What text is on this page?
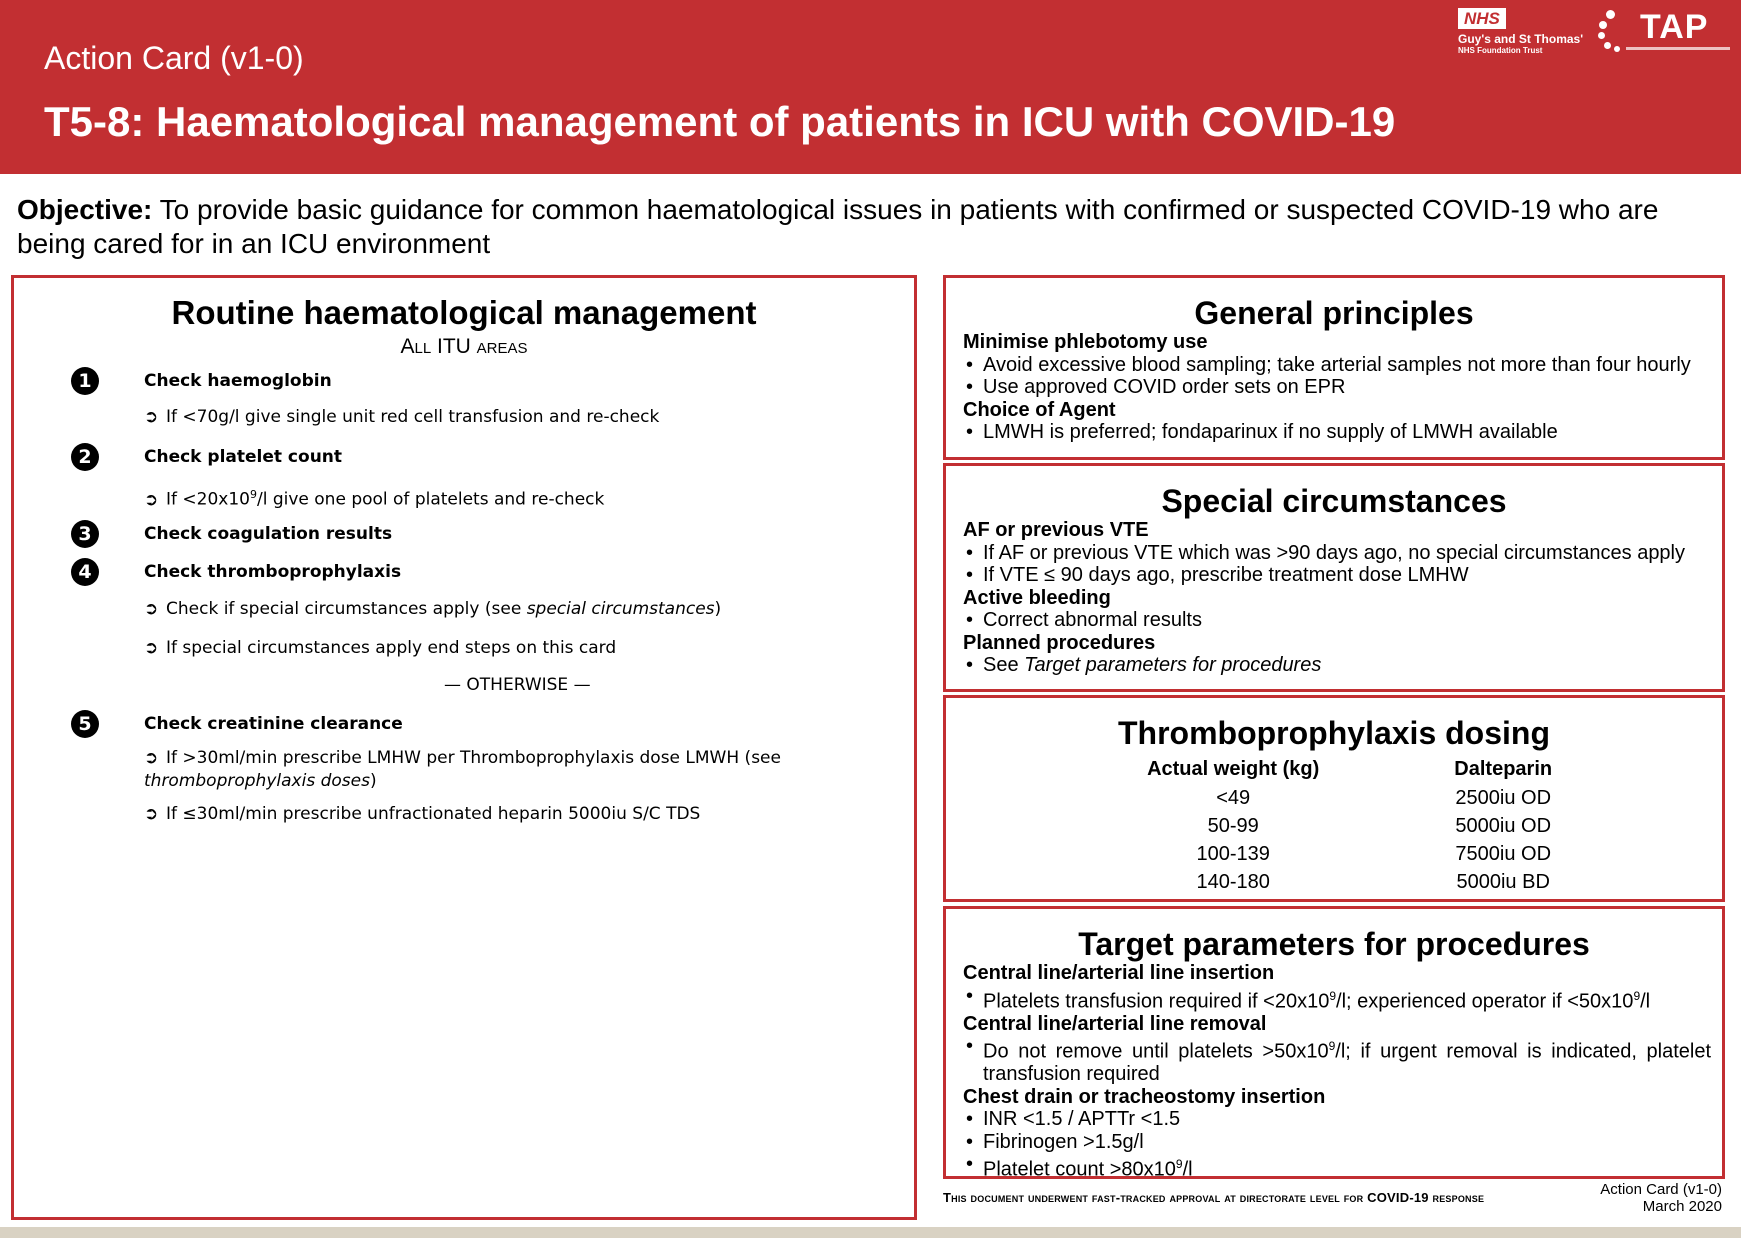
Action Card (v1-0)
T5-8: Haematological management of patients in ICU with COVID-19
NHS
Guy's and St Thomas'
NHS Foundation Trust
TAP
Objective: To provide basic guidance for common haematological issues in patients with confirmed or suspected COVID-19 who are being cared for in an ICU environment
Routine haematological management
All ITU areas
1	Check haemoglobin
➲ If <70g/l give single unit red cell transfusion and re-check
2	Check platelet count
➲ $If <20x10^9/l$ give one pool of platelets and re-check
3	Check coagulation results
4	Check thromboprophylaxis
➲ Check if special circumstances apply (see special circumstances)
➲ If special circumstances apply end steps on this card
— OTHERWISE —
5	Check creatinine clearance
➲ If >30ml/min prescribe LMHW per Thromboprophylaxis dose LMWH (see
thromboprophylaxis doses)
➲ If ≤30ml/min prescribe unfractionated heparin 5000iu S/C TDS
General principles
Minimise phlebotomy use
• Avoid excessive blood sampling; take arterial samples not more than four hourly
• Use approved COVID order sets on EPR
Choice of Agent
• LMWH is preferred; fondaparinux if no supply of LMWH available
Special circumstances
AF or previous VTE
• If AF or previous VTE which was >90 days ago, no special circumstances apply
• If VTE ≤ 90 days ago, prescribe treatment dose LMHW
Active bleeding
• Correct abnormal results
Planned procedures
• See Target parameters for procedures
Thromboprophylaxis dosing
Actual weight (kg)	Dalteparin
<49	2500iu OD
50-99	5000iu OD
100-139	7500iu OD
140-180	5000iu BD
Target parameters for procedures
Central line/arterial line insertion
• Platelets transfusion required if $<20x10^9/l$; experienced operator if $<50x10^9/l$
Central line/arterial line removal
• Do not remove until platelets $>50x10^9/l$; if urgent removal is indicated, platelet transfusion required
Chest drain or tracheostomy insertion
• INR <1.5 / APTTr <1.5
• Fibrinogen >1.5g/l
• Platelet count $>80x10^9/l$
This document underwent fast-tracked approval at directorate level for COVID-19 response	Action Card (v1-0)
March 2020
